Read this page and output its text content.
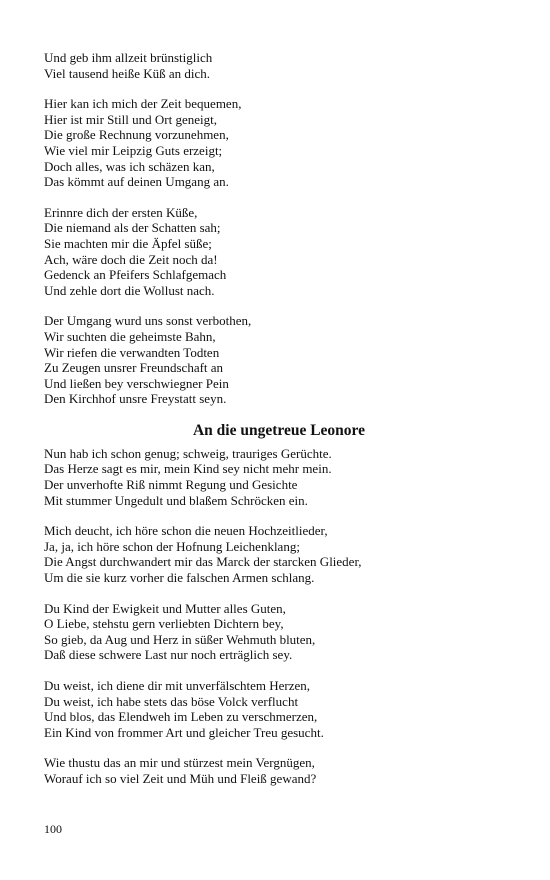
Und geb ihm allzeit brünstiglich
Viel tausend heiße Küß an dich.
Hier kan ich mich der Zeit bequemen,
Hier ist mir Still und Ort geneigt,
Die große Rechnung vorzunehmen,
Wie viel mir Leipzig Guts erzeigt;
Doch alles, was ich schäzen kan,
Das kömmt auf deinen Umgang an.
Erinnre dich der ersten Küße,
Die niemand als der Schatten sah;
Sie machten mir die Äpfel süße;
Ach, wäre doch die Zeit noch da!
Gedenck an Pfeifers Schlafgemach
Und zehle dort die Wollust nach.
Der Umgang wurd uns sonst verbothen,
Wir suchten die geheimste Bahn,
Wir riefen die verwandten Todten
Zu Zeugen unsrer Freundschaft an
Und ließen bey verschwiegner Pein
Den Kirchhof unsre Freystatt seyn.
An die ungetreue Leonore
Nun hab ich schon genug; schweig, trauriges Gerüchte.
Das Herze sagt es mir, mein Kind sey nicht mehr mein.
Der unverhofte Riß nimmt Regung und Gesichte
Mit stummer Ungedult und blaßem Schröcken ein.
Mich deucht, ich höre schon die neuen Hochzeitlieder,
Ja, ja, ich höre schon der Hofnung Leichenklang;
Die Angst durchwandert mir das Marck der starcken Glieder,
Um die sie kurz vorher die falschen Armen schlang.
Du Kind der Ewigkeit und Mutter alles Guten,
O Liebe, stehstu gern verliebten Dichtern bey,
So gieb, da Aug und Herz in süßer Wehmuth bluten,
Daß diese schwere Last nur noch erträglich sey.
Du weist, ich diene dir mit unverfälschtem Herzen,
Du weist, ich habe stets das böse Volck verflucht
Und blos, das Elendweh im Leben zu verschmerzen,
Ein Kind von frommer Art und gleicher Treu gesucht.
Wie thustu das an mir und stürzest mein Vergnügen,
Worauf ich so viel Zeit und Müh und Fleiß gewand?
100
